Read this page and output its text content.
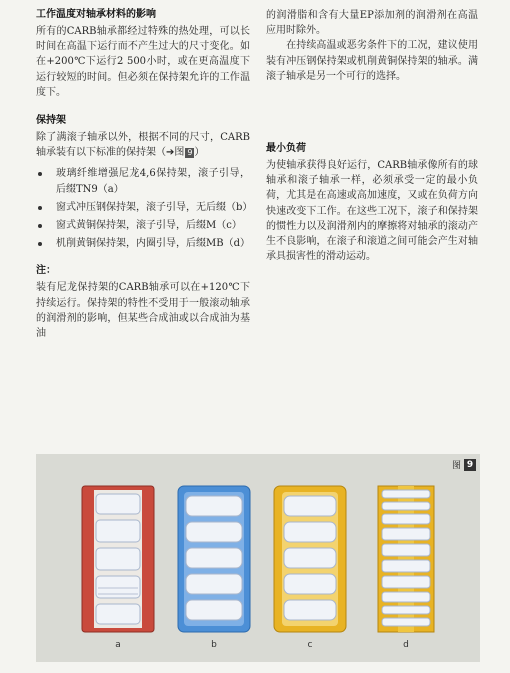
工作温度对轴承材料的影响

所有的CARB轴承都经过特殊的热处理，可以长时间在高温下运行而不产生过大的尺寸变化。如在+200℃下运行2 500小时，或在更高温度下运行较短的时间。但必须在保持架允许的工作温度下。

保持架

除了满滚子轴承以外，根据不同的尺寸，CARB轴承装有以下标准的保持架（➔图 9 ）

玻璃纤维增强尼龙4,6保持架，滚子引导，后缀TN9（a）
窗式冲压钢保持架，滚子引导，无后缀（b）
窗式黄铜保持架，滚子引导，后缀M（c）
机削黄铜保持架，内圈引导，后缀MB（d）
注：

装有尼龙保持架的CARB轴承可以在+120℃下持续运行。保持架的特性不受用于一般滚动轴承的润滑剂的影响，但某些合成油或以合成油为基油

的润滑脂和含有大量EP添加剂的润滑剂在高温应用时除外。

在持续高温或恶劣条件下的工况，建议使用装有冲压钢保持架或机削黄铜保持架的轴承。满滚子轴承是另一个可行的选择。

最小负荷

为使轴承获得良好运行，CARB轴承像所有的球轴承和滚子轴承一样，必须承受一定的最小负荷，尤其是在高速或高加速度，又或在负荷方向快速改变下工作。在这些工况下，滚子和保持架的惯性力以及润滑剂内的摩擦将对轴承的滚动产生不良影响，在滚子和滚道之间可能会产生对轴承具损害性的滑动运动。

图 9
a	b	c	d
